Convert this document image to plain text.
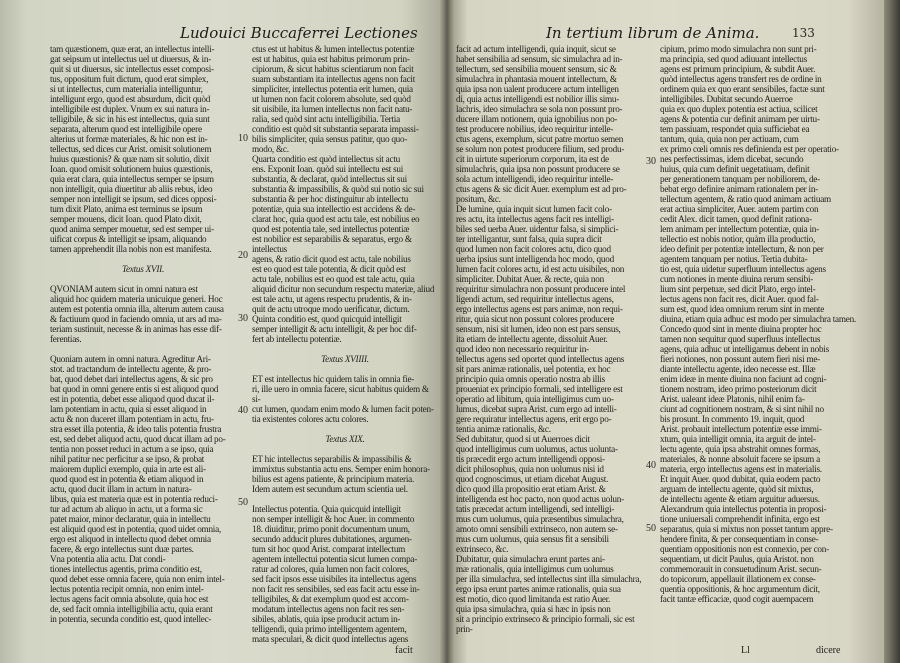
Ludouici Buccaferrei Lectiones
tam quæstionem, quæ erat, an intellectus intelli-
gat seipsum ut intellectus uel ut diuersus, & in-
quit si ut diuersus, sic intellectus esset composi-
tus, oppositum fuit dictum, quod erat simplex,
si ut intellectus, cum materialia intelliguntur,
intelligunt ergo, quod est absurdum, dicit quòd
intelligibile est duplex. Vnum ex sui natura in-
telligibile, & sic in his est intellectus, quia sunt
separata, alterum quod est intelligibile opere
alterius ut formæ materiales, & hic non est in-
tellectus, sed dices cur Arist. omisit solutionem
huius quæstionis? & quæ nam sit solutio, dixit
Ioan. quod omisit solutionem huius quæstionis,
quia erat clara, quia intellectus semper se ipsum
non intelligit, quia diuertitur ab aliis rebus, ideo
semper non intelligit se ipsum, sed dices opposi-
tum dixit Plato, anima est terminus se ipsum
semper mouens, dicit Ioan. quod Plato dixit,
quod anima semper mouetur, sed est semper ui-
uificat corpus & intelligit se ipsam, aliquando
tamen apprehendit illa nobis non est manifesta.
Textus XVII.
QVONIAM autem sicut in omni natura est
aliquid hoc quidem materia unicuique generi. Hoc
autem est potentia omnia illa, alterum autem causa
& factiuum quod in faciendo omnia, ut ars ad ma-
teriam sustinuit, necesse & in animas has esse dif-
ferentias.
Quoniam autem in omni natura. Agreditur Ari-
stot. ad tractandum de intellectu agente, & pro-
bat, quod debet dari intellectus agens, & sic pro
bat quod in omni genere entis si est aliquod quod
est in potentia, debet esse aliquod quod ducat il-
lam potentiam in actu, quia si esset aliquod in
actu & non duceret illam potentiam in actu, fru-
stra esset illa potentia, & ideo talis potentia frustra
est, sed debet aliquod actu, quod ducat illam ad po-
tentia non posset reduci in actum a se ipso, quia
nihil patitur nec perficitur a se ipso, & probat
maiorem duplici exemplo, quia in arte est ali-
quod quod est in potentia & etiam aliquod in
actu, quod ducit illam in actum in natura-
libus, quia est materia quæ est in potentia reduci-
tur ad actum ab aliquo in actu, ut a forma sic
patet maior, minor declaratur, quia in intellectu
est aliquid quod est in potentia, quod uidet omnia,
ergo est aliquod in intellectu quod debet omnia
facere, & ergo intellectus sunt duæ partes.
Vna potentia alia actu. Dat condi-
tiones intellectus agentis, prima conditio est,
quod debet esse omnia facere, quia non enim intel-
lectus potentia recipit omnia, non enim intel-
lectus agens facit omnia absolute, quia hoc est
de, sed facit omnia intelligibilia actu, quia erant
in potentia, secunda conditio est, quod intellec-
ctus est ut habitus & lumen intellectus potentiæ
est ut habitus, quia est habitus primorum prin-
cipiorum, & sicut habitus scientiarum non facit
suam substantiam ita intellectus agens non facit
simpliciter, intellectus potentia erit lumen, quia
ut lumen non facit colorem absolute, sed quòd
sit uisibile, ita lumen intellectus non facit natu-
ralia, sed quòd sint actu intelligibilia. Tertia
conditio est quòd sit substantia separata impassi-
bilis simpliciter, quia sensus patitur, quo quo-
modo, &c.
Quarta conditio est quòd intellectus sit actu
ens. Exponit Ioan. quòd sui intellectu est sui
substantia, & declarat, quòd intellectus sit sui
substantia & impassibilis, & quòd sui notio sic sui
substantia & per hoc distinguitur ab intellectu
potentiæ, quia sua intellectio est accidens & de-
clarat hoc, quia quod est actu tale, est nobilius eo
quod est potentia tale, sed intellectus potentiæ
est nobilior est separabilis & separatus, ergo & intellectus
agens, & ratio dicit quod est actu, tale nobilius
est eo quod est tale potentia, & dicit quòd est
actu tale, nobilius est eo quod est tale actu, quia
aliquid dicitur non secundum respectu materiæ, aliud
est tale actu, ut agens respectu prudentis, & in-
quit de actu utroque modo uerificatur, dictum.
Quinta conditio est, quod quicquid intelligit
semper intelligit & actu intelligit, & per hoc dif-
fert ab intellectu potentiæ.
Textus XVIIII.
ET est intellectus hic quidem talis in omnia fie-
ri, ille uero in omnia facere, sicut habitus quidem & si-
cut lumen, quodam enim modo & lumen facit poten-
tia existentes colores actu colores.
Textus XIX.
ET hic intellectus separabilis & impassibilis &
immixtus substantia actu ens. Semper enim honora-
bilius est agens patiente, & principium materia.
Idem autem est secundum actum scientia uel.
Intellectus potentia. Quia quicquid intelligit
non semper intelligit & hoc Auer. in commento
18. diuiditur, primo ponit documentum unum,
secundo adducit plures dubitationes, argumen-
tum sit hoc quod Arist. comparat intellectum
agentem intellectui potentia sicut lumen compa-
ratur ad colores, quia lumen non facit colores,
sed facit ipsos esse uisibiles ita intellectus agens
non facit res sensibiles, sed eas facit actu esse in-
telligibiles, & dat exemplum quod est accom-
modatum intellectus agens non facit res sen-
sibiles, ablatis, quia ipse producit actum in-
telligendi, quia primo intelligentem agentem,
mata speculari, & dicit quod intellectus agens
10
20
30
40
50
facit
In tertium librum de Anima.	133
facit ad actum intelligendi, quia inquit, sicut se
habet sensibilia ad sensum, sic simulachra ad in-
tellectum, sed sensibilia mouent sensum, sic &
simulachra in phantasia mouent intellectum, &
quia ipsa non ualent producere actum intelligen
di, quia actus intelligendi est nobilior illis simu-
lachris, ideo simulachra se sola non possunt pro-
ducere illam notionem, quia ignobilius non po-
test producere nobilius, ideo requiritur intelle-
ctus agens, exemplum, sicut patre mortuo semen
se solum non potest producere filium, sed produ-
cit in uirtute superiorum corporum, ita est de
simulachris, quia ipsa non possunt producere se
sola actum intelligendi, ideo requiritur intelle-
ctus agens & sic dicit Auer. exemplum est ad pro-
positum, &c.
De lumine, quia inquit sicut lumen facit colo-
res actu, ita intellectus agens facit res intelligi-
biles sed uerba Auer. uidentur falsa, si simplici-
ter intelligantur, sunt falsa, quia supra dicit
quod lumen non facit colores actu, dico quod
uerba ipsius sunt intelligenda hoc modo, quod
lumen facit colores actu, id est actu uisibiles, non
simpliciter. Dubitat Auer. & recte, quia non
requiritur simulachra non possunt producere intel
ligendi actum, sed requiritur intellectus agens,
ergo intellectus agens est pars animæ, non requi-
ritur, quia sicut non possunt colores producere
sensum, nisi sit lumen, ideo non est pars sensus,
ita etiam de intellectu agente, dissoluit Auer.
quod ideo non necessario requiritur in-
tellectus agens sed oportet quod intellectus agens
sit pars animæ rationalis, uel potentia, ex hoc
principio quia omnis operatio nostra ab illis
proueniat ex principio formali, sed intelligere est
operatio ad libitum, quia intelligimus cum uo-
lumus, dicebat supra Arist. cum ergo ad intelli-
gere requiratur intellectus agens, erit ergo po-
tentia animæ rationalis, &c.
Sed dubitatur, quod si ut Auerroes dicit
quod intelligimus cum uolumus, actus uolunta-
tis præcedit ergo actum intelligendi opposi-
dicit philosophus, quia non uolumus nisi id
quod cognoscimus, ut etiam dicebat August.
dico quod illa propositio erat etiam Arist. &
intelligenda est hoc pacto, non quod actus uolun-
tatis præcedat actum intelligendi, sed intelligi-
mus cum uolumus, quia præsentibus simulachra,
amoto omni sensibili extrinseco, non autem se-
mus cum uolumus, quia sensus fit a sensibili
extrinseco, &c.
Dubitatur, quia simulachra erunt partes ani-
mæ rationalis, quia intelligimus cum uolumus
per illa simulachra, sed intellectus sint illa simulachra,
ergo ipsa erunt partes animæ rationalis, quia sua
est motio, dico quod limitanda est ratio Auer.
quia ipsa simulachra, quia si hæc in ipsis non
sit a principio extrinseco & principio formali, sic est prin-
cipium, primo modo simulachra non sunt pri-
ma principia, sed quod adiuuant intellectus
agens est primum principium, & subdit Auer.
quòd intellectus agens transfert res de ordine in
ordinem quia ex quo erant sensibiles, factæ sunt
intelligibiles. Dubitat secundo Auerroe
quia ex quo duplex potentia est actiua, scilicet
agens & potentia cur definit animam per uirtu-
tem passiuam, respondet quia sufficiebat ea
tantum, quia, quia non per actiuam, cum
ex primo cœli omnis res definienda est per operatio-
nes perfectissimas, idem dicebat, secundo
huius, quia cum definit uegetatiuam, definit
per generationem tanquam per nobiliorem, de-
bebat ergo definire animam rationalem per in-
tellectum agentem, & ratio quod animam actiuam
erat actiua simpliciter, Auer. autem partim con
cedit Alex. dicit tamen, quod definit rationa-
lem animam per intellectum potentiæ, quia in-
tellectio est nobis notior, quàm illa productio,
ideo definit per potentiæ intellectum, & non per
agentem tanquam per notius. Tertia dubita-
tio est, quia uidetur superfluum intellectus agens
cum notiones in mente diuina rerum sensibi-
lium sint perpetuæ, sed dicit Plato, ergo intel-
lectus agens non facit res, dicit Auer. quod fal-
sum est, quod idea omnium rerum sint in mente
diuina, etiam quia adhuc est modo per simulachra tamen.
Concedo quod sint in mente diuina propter hoc
tamen non sequitur quod superfluus intellectus
agens, quia adhuc ut intelligamus debent in nobis
fieri notiones, non possunt autem fieri nisi me-
diante intellectu agente, ideo necesse est. Illæ
enim ideæ in mente diuina non faciunt ad cogni-
tionem nostram, ideo primo posteriorum dicit
Arist. ualeant ideæ Platonis, nihil enim fa-
ciunt ad cognitionem nostram, & si sint nihil no
bis prosunt. In commento 19. inquit, quod
Arist. probauit intellectum potentiæ esse immi-
xtum, quia intelligit omnia, ita arguit de intel-
lectu agente, quia ipsa abstrahit omnes formas,
materiales, & nonne absoluit facere se ipsum a
materia, ergo intellectus agens est in materialis.
Et inquit Auer. quod dubitat, quia eodem pacto
arguam de intellectu agente, quòd sit mixtus,
de intellectu agente & etiam arguitur aduersus.
Alexandrum quia intellectus potentia in proposi-
tione uniuersali comprehendit infinita, ergo est
separatus, quia si mixtus non posset tantum appre-
hendere finita, & per consequentiam in conse-
quentiam oppositionis non est connexio, per con-
sequentiam, ut dicit Paulus, quia Aristot. non
commemorauit in consuetudinum Arist. secun-
do topicorum, appellauit illationem ex conse-
quentia oppositionis, & hoc argumentum dicit,
facit tantæ efficaciæ, quod cogit auempacem
30
40
50
Ll	dicere
